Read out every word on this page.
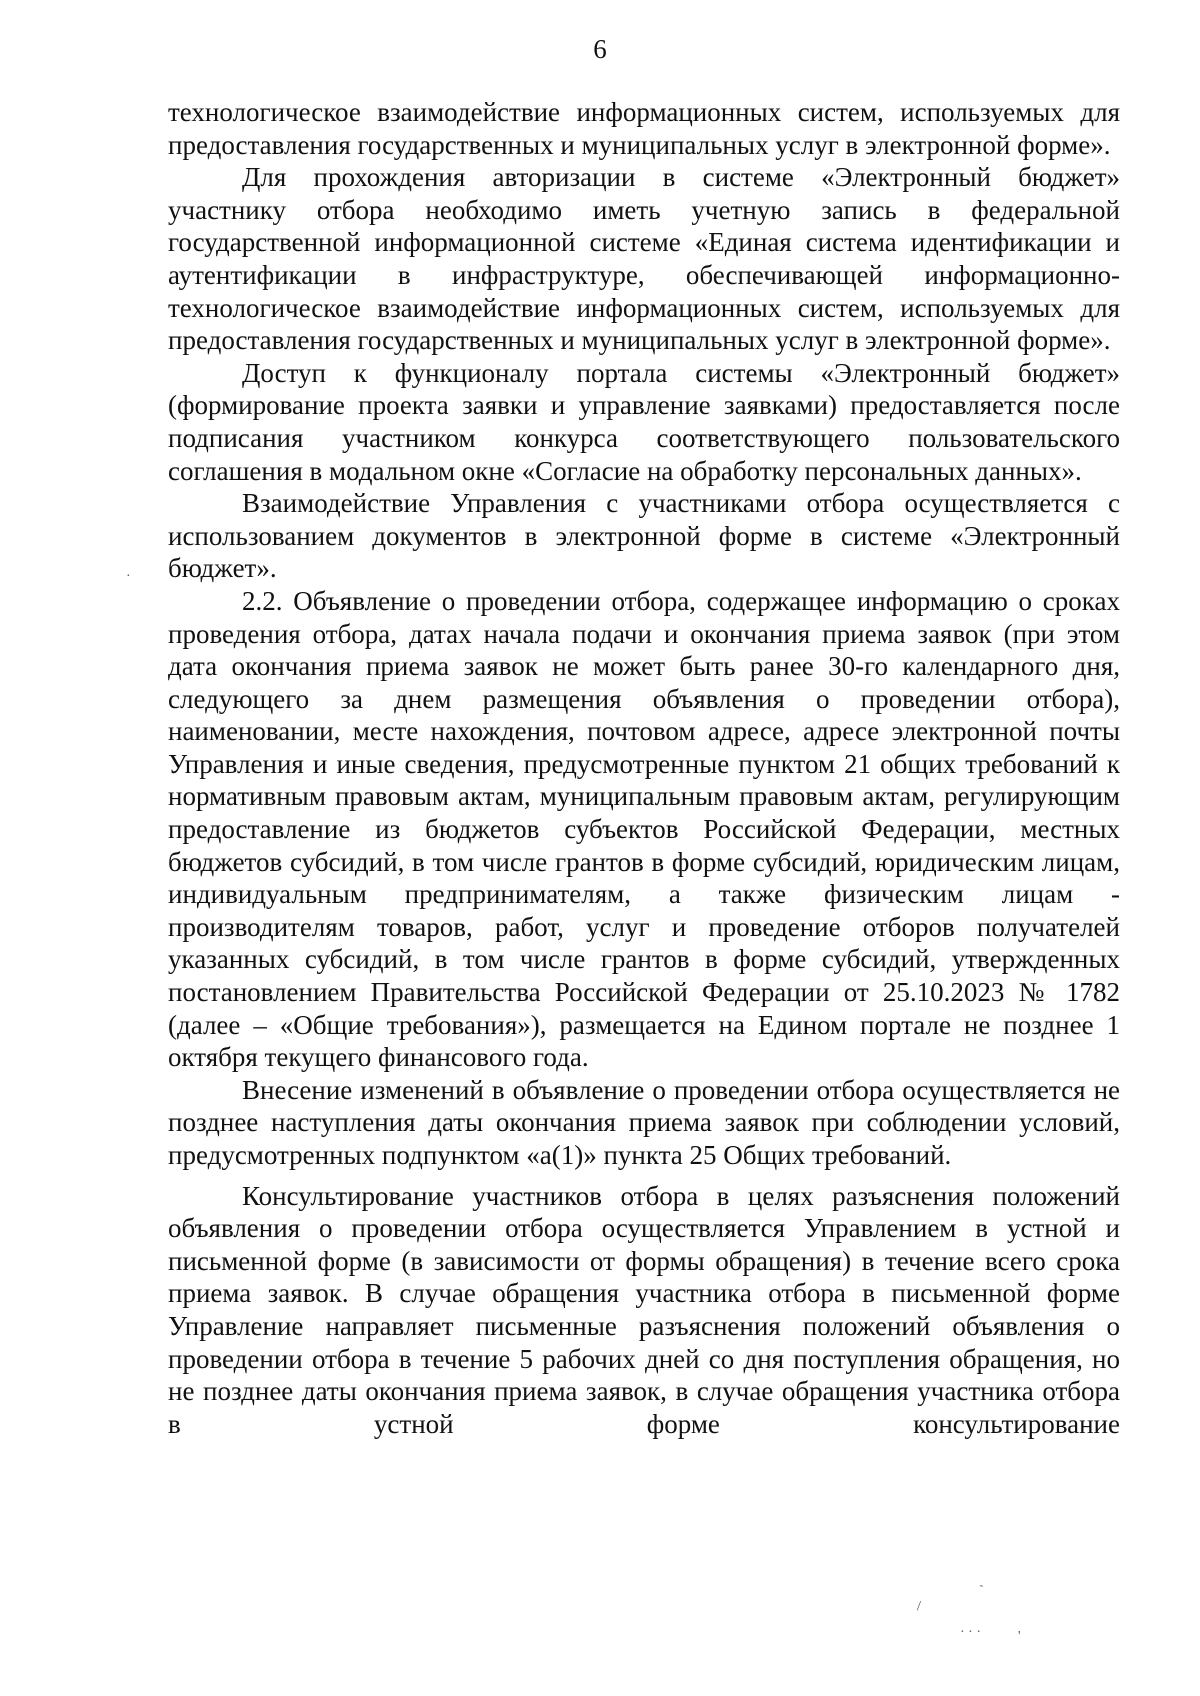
6

технологическое взаимодействие информационных систем, используемых для предоставления государственных и муниципальных услуг в электронной форме».

Для прохождения авторизации в системе «Электронный бюджет» участнику отбора необходимо иметь учетную запись в федеральной государственной информационной системе «Единая система идентификации и аутентификации в инфраструктуре, обеспечивающей информационно-технологическое взаимодействие информационных систем, используемых для предоставления государственных и муниципальных услуг в электронной форме».

Доступ к функционалу портала системы «Электронный бюджет» (формирование проекта заявки и управление заявками) предоставляется после подписания участником конкурса соответствующего пользовательского соглашения в модальном окне «Согласие на обработку персональных данных».

Взаимодействие Управления с участниками отбора осуществляется с использованием документов в электронной форме в системе «Электронный бюджет».

2.2. Объявление о проведении отбора, содержащее информацию о сроках проведения отбора, датах начала подачи и окончания приема заявок (при этом дата окончания приема заявок не может быть ранее 30-го календарного дня, следующего за днем размещения объявления о проведении отбора), наименовании, месте нахождения, почтовом адресе, адресе электронной почты Управления и иные сведения, предусмотренные пунктом 21 общих требований к нормативным правовым актам, муниципальным правовым актам, регулирующим предоставление из бюджетов субъектов Российской Федерации, местных бюджетов субсидий, в том числе грантов в форме субсидий, юридическим лицам, индивидуальным предпринимателям, а также физическим лицам - производителям товаров, работ, услуг и проведение отборов получателей указанных субсидий, в том числе грантов в форме субсидий, утвержденных постановлением Правительства Российской Федерации от 25.10.2023 № 1782 (далее – «Общие требования»), размещается на Едином портале не позднее 1 октября текущего финансового года.

Внесение изменений в объявление о проведении отбора осуществляется не позднее наступления даты окончания приема заявок при соблюдении условий, предусмотренных подпунктом «а(1)» пункта 25 Общих требований.

Консультирование участников отбора в целях разъяснения положений объявления о проведении отбора осуществляется Управлением в устной и письменной форме (в зависимости от формы обращения) в течение всего срока приема заявок. В случае обращения участника отбора в письменной форме Управление направляет письменные разъяснения положений объявления о проведении отбора в течение 5 рабочих дней со дня поступления обращения, но не позднее даты окончания приема заявок, в случае обращения участника отбора в устной форме консультирование

·
\
`
· · ·	'
